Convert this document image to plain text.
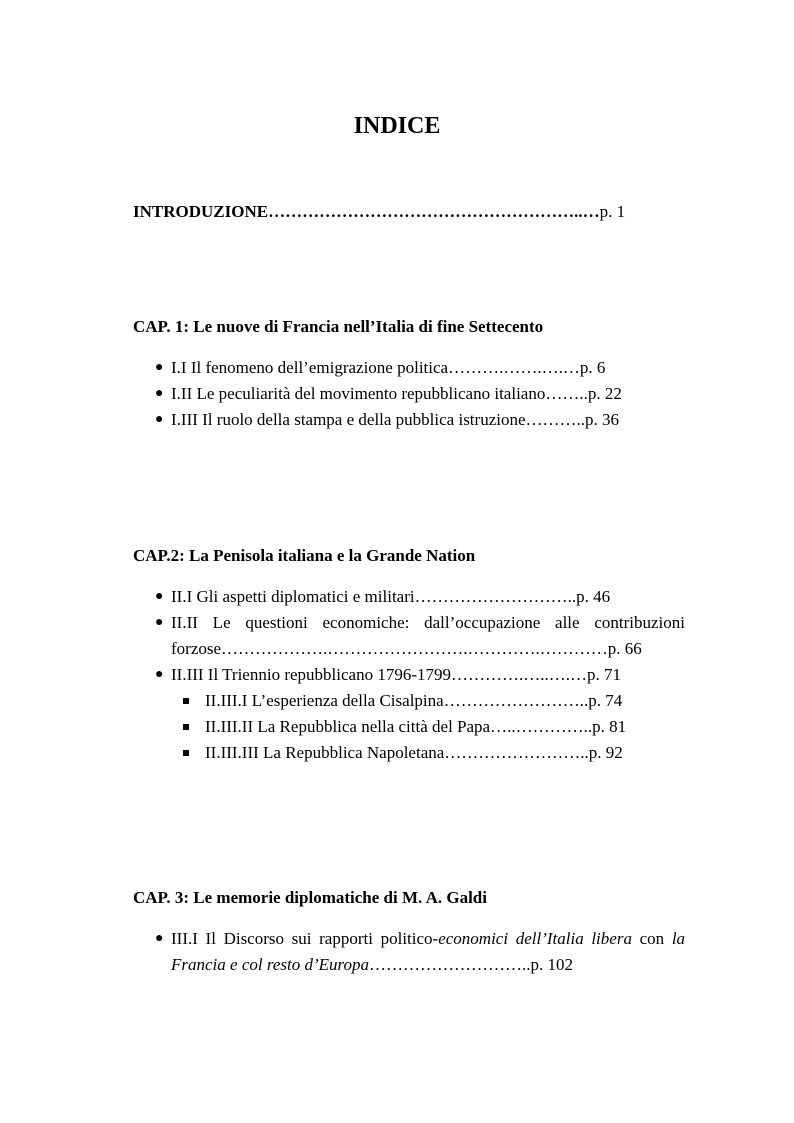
INDICE
INTRODUZIONE………………………………………………..…p. 1
CAP. 1: Le nuove di Francia nell’Italia di fine Settecento
● I.I Il fenomeno dell’emigrazione politica……….…….….…p. 6
● I.II Le peculiarità del movimento repubblicano italiano……..p. 22
● I.III Il ruolo della stampa e della pubblica istruzione………..p. 36
CAP.2: La Penisola italiana e la Grande Nation
● II.I Gli aspetti diplomatici e militari………………………..p. 46
● II.II Le questioni economiche: dall’occupazione alle contribuzioni forzose……………….…………………….………….…………p. 66
● II.III Il Triennio repubblicano 1796-1799………….…..….…p. 71
II.III.I L’esperienza della Cisalpina……………………..p. 74
II.III.II La Repubblica nella città del Papa…..…………..p. 81
II.III.III La Repubblica Napoletana……………………..p. 92
CAP. 3: Le memorie diplomatiche di M. A. Galdi
● III.I Il Discorso sui rapporti politico-economici dell’Italia libera con la Francia e col resto d’Europa………………………..p. 102
